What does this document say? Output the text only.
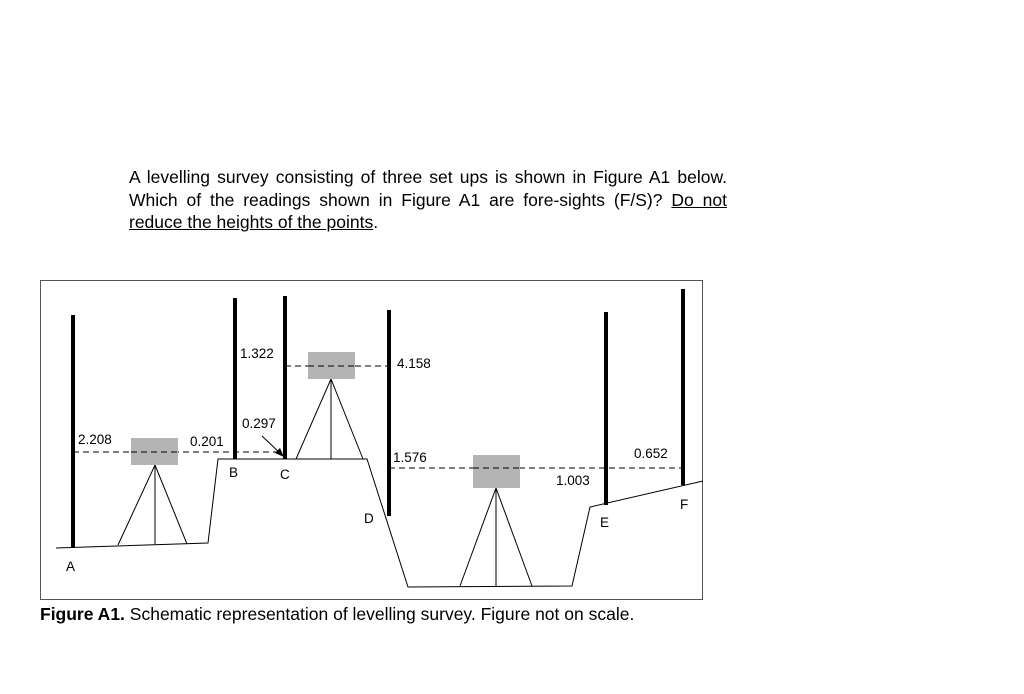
A levelling survey consisting of three set ups is shown in Figure A1 below. Which of the readings shown in Figure A1 are fore-sights (F/S)? Do not reduce the heights of the points.
2.208	0.201
1.322
0.297
4.158
1.576
1.003
0.652
A
B	C
D	E
F
Figure A1. Schematic representation of levelling survey. Figure not on scale.
